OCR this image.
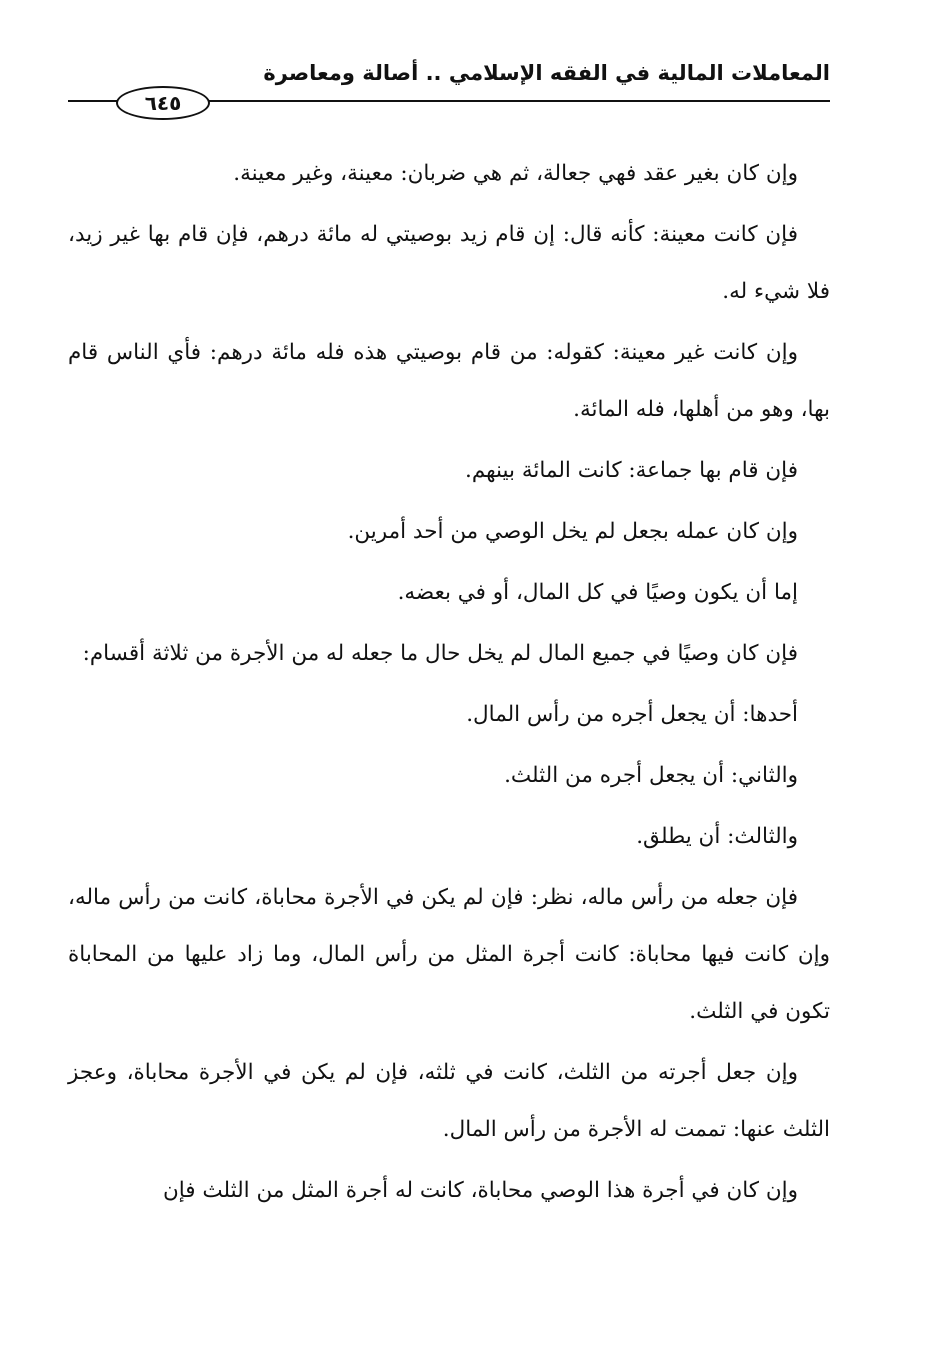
المعاملات المالية في الفقه الإسلامي .. أصالة ومعاصرة
٦٤٥

وإن كان بغير عقد فهي جعالة، ثم هي ضربان: معينة، وغير معينة.

فإن كانت معينة: كأنه قال: إن قام زيد بوصيتي له مائة درهم، فإن قام بها غير زيد، فلا شيء له.

وإن كانت غير معينة: كقوله: من قام بوصيتي هذه فله مائة درهم: فأي الناس قام بها، وهو من أهلها، فله المائة.

فإن قام بها جماعة: كانت المائة بينهم.

وإن كان عمله بجعل لم يخل الوصي من أحد أمرين.

إما أن يكون وصيًا في كل المال، أو في بعضه.

فإن كان وصيًا في جميع المال لم يخل حال ما جعله له من الأجرة من ثلاثة أقسام:

أحدها: أن يجعل أجره من رأس المال.

والثاني: أن يجعل أجره من الثلث.

والثالث: أن يطلق.

فإن جعله من رأس ماله، نظر: فإن لم يكن في الأجرة محاباة، كانت من رأس ماله، وإن كانت فيها محاباة: كانت أجرة المثل من رأس المال، وما زاد عليها من المحاباة تكون في الثلث.

وإن جعل أجرته من الثلث، كانت في ثلثه، فإن لم يكن في الأجرة محاباة، وعجز الثلث عنها: تممت له الأجرة من رأس المال.

وإن كان في أجرة هذا الوصي محاباة، كانت له أجرة المثل من الثلث فإن
